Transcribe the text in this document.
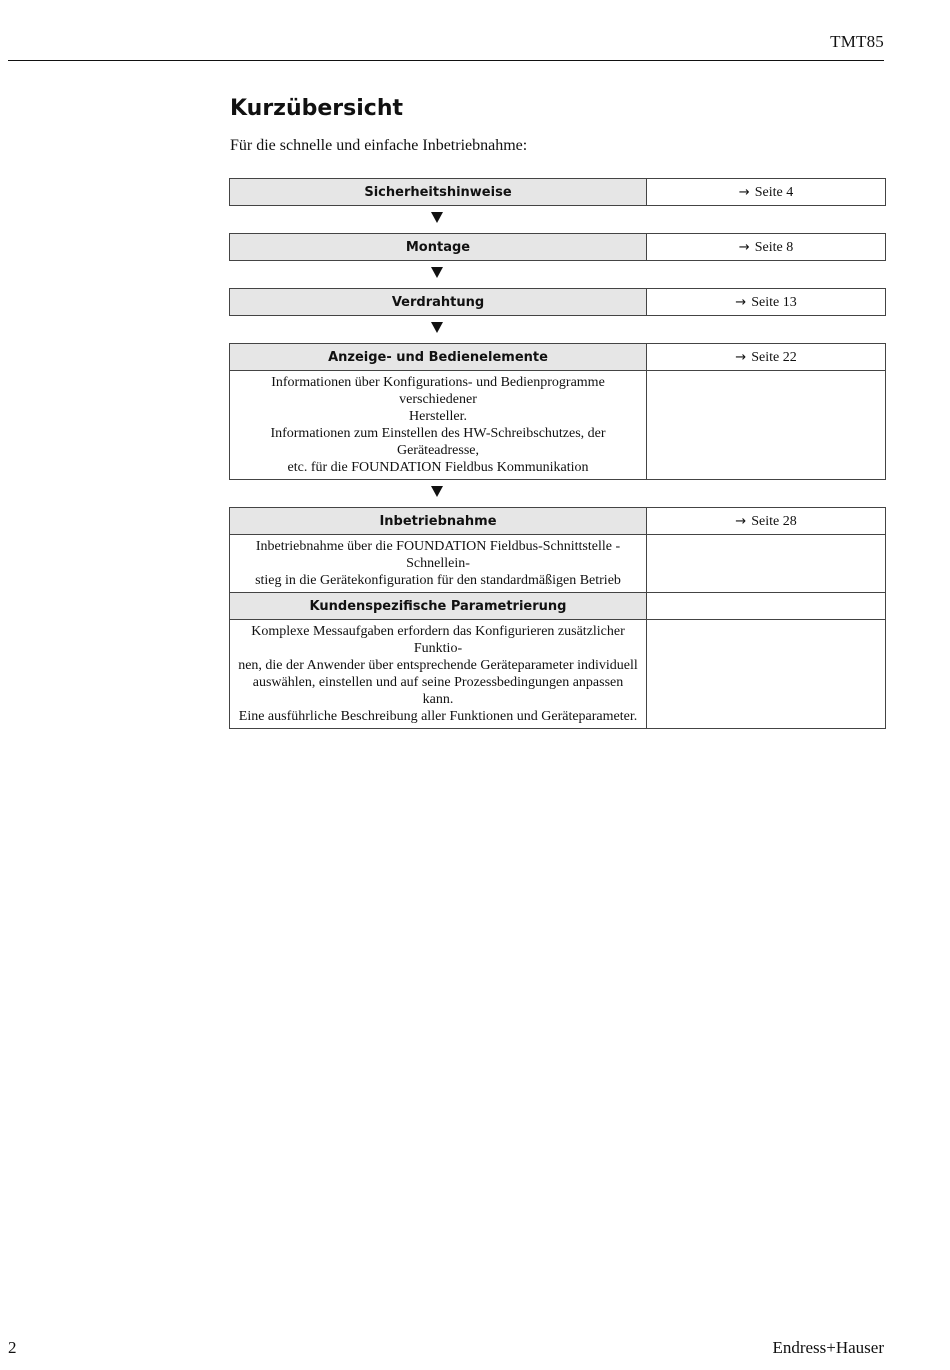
TMT85
Kurzübersicht
Für die schnelle und einfache Inbetriebnahme:
Sicherheitshinweise	→ Seite 4
Montage	→ Seite 8
Verdrahtung	→ Seite 13
Anzeige- und Bedienelemente	→ Seite 22

Informationen über Konfigurations- und Bedienprogramme verschiedener
Hersteller.
Informationen zum Einstellen des HW-Schreibschutzes, der Geräteadresse,
etc. für die FOUNDATION Fieldbus Kommunikation	

Inbetriebnahme	→ Seite 28

Inbetriebnahme über die FOUNDATION Fieldbus-Schnittstelle - Schnellein-
stieg in die Gerätekonfiguration für den standardmäßigen Betrieb	

Kundenspezifische Parametrierung	

Komplexe Messaufgaben erfordern das Konfigurieren zusätzlicher Funktio-
nen, die der Anwender über entsprechende Geräteparameter individuell
auswählen, einstellen und auf seine Prozessbedingungen anpassen kann.
Eine ausführliche Beschreibung aller Funktionen und Geräteparameter.	

2	Endress+Hauser
